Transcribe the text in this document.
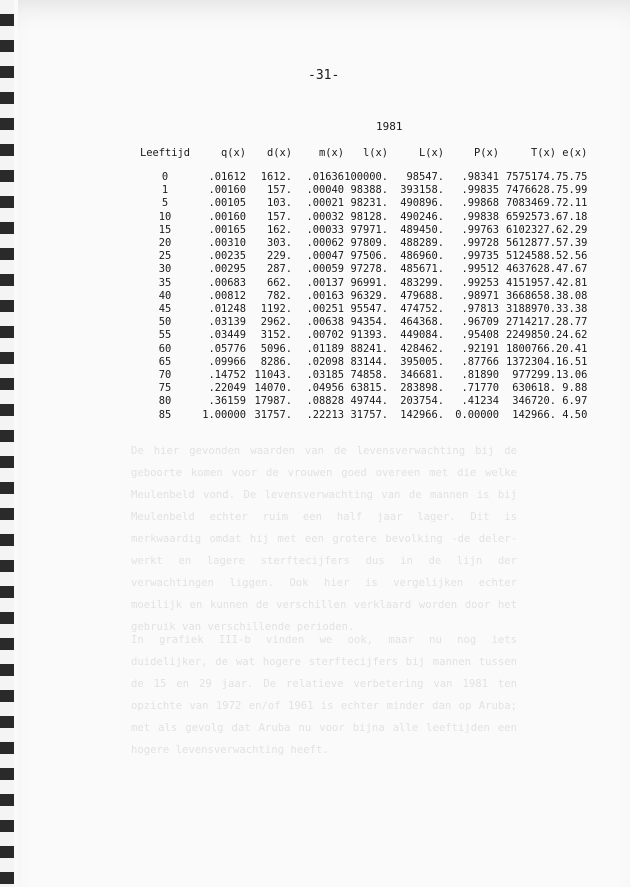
De hier gevonden waarden van de levensverwachting bij de geboorte komen voor de vrouwen goed overeen met die welke Meulenbeld vond. De levensverwachting van de mannen is bij Meulenbeld echter ruim een half jaar lager. Dit is merkwaardig omdat hij met een grotere bevolking -de deler- werkt en lagere sterftecijfers dus in de lijn der verwachtingen liggen. Ook hier is vergelijken echter moeilijk en kunnen de verschillen verklaard worden door het gebruik van verschillende perioden.
In grafiek III-b vinden we ook, maar nu nog iets duidelijker, de wat hogere sterftecijfers bij mannen tussen de 15 en 29 jaar. De relatieve verbetering van 1981 ten opzichte van 1972 en/of 1961 is echter minder dan op Aruba; met als gevolg dat Aruba nu voor bijna alle leeftijden een hogere levensverwachting heeft.
-31-
1981
Leeftijd	q(x)	d(x)	m(x)	l(x)	L(x)	P(x)	T(x)	e(x)
0	.01612	1612.	.01636	100000.	98547.	.98341	7575174.	75.75
1	.00160	157.	.00040	98388.	393158.	.99835	7476628.	75.99
5	.00105	103.	.00021	98231.	490896.	.99868	7083469.	72.11
10	.00160	157.	.00032	98128.	490246.	.99838	6592573.	67.18
15	.00165	162.	.00033	97971.	489450.	.99763	6102327.	62.29
20	.00310	303.	.00062	97809.	488289.	.99728	5612877.	57.39
25	.00235	229.	.00047	97506.	486960.	.99735	5124588.	52.56
30	.00295	287.	.00059	97278.	485671.	.99512	4637628.	47.67
35	.00683	662.	.00137	96991.	483299.	.99253	4151957.	42.81
40	.00812	782.	.00163	96329.	479688.	.98971	3668658.	38.08
45	.01248	1192.	.00251	95547.	474752.	.97813	3188970.	33.38
50	.03139	2962.	.00638	94354.	464368.	.96709	2714217.	28.77
55	.03449	3152.	.00702	91393.	449084.	.95408	2249850.	24.62
60	.05776	5096.	.01189	88241.	428462.	.92191	1800766.	20.41
65	.09966	8286.	.02098	83144.	395005.	.87766	1372304.	16.51
70	.14752	11043.	.03185	74858.	346681.	.81890	977299.	13.06
75	.22049	14070.	.04956	63815.	283898.	.71770	630618.	9.88
80	.36159	17987.	.08828	49744.	203754.	.41234	346720.	6.97
85	1.00000	31757.	.22213	31757.	142966.	0.00000	142966.	4.50
